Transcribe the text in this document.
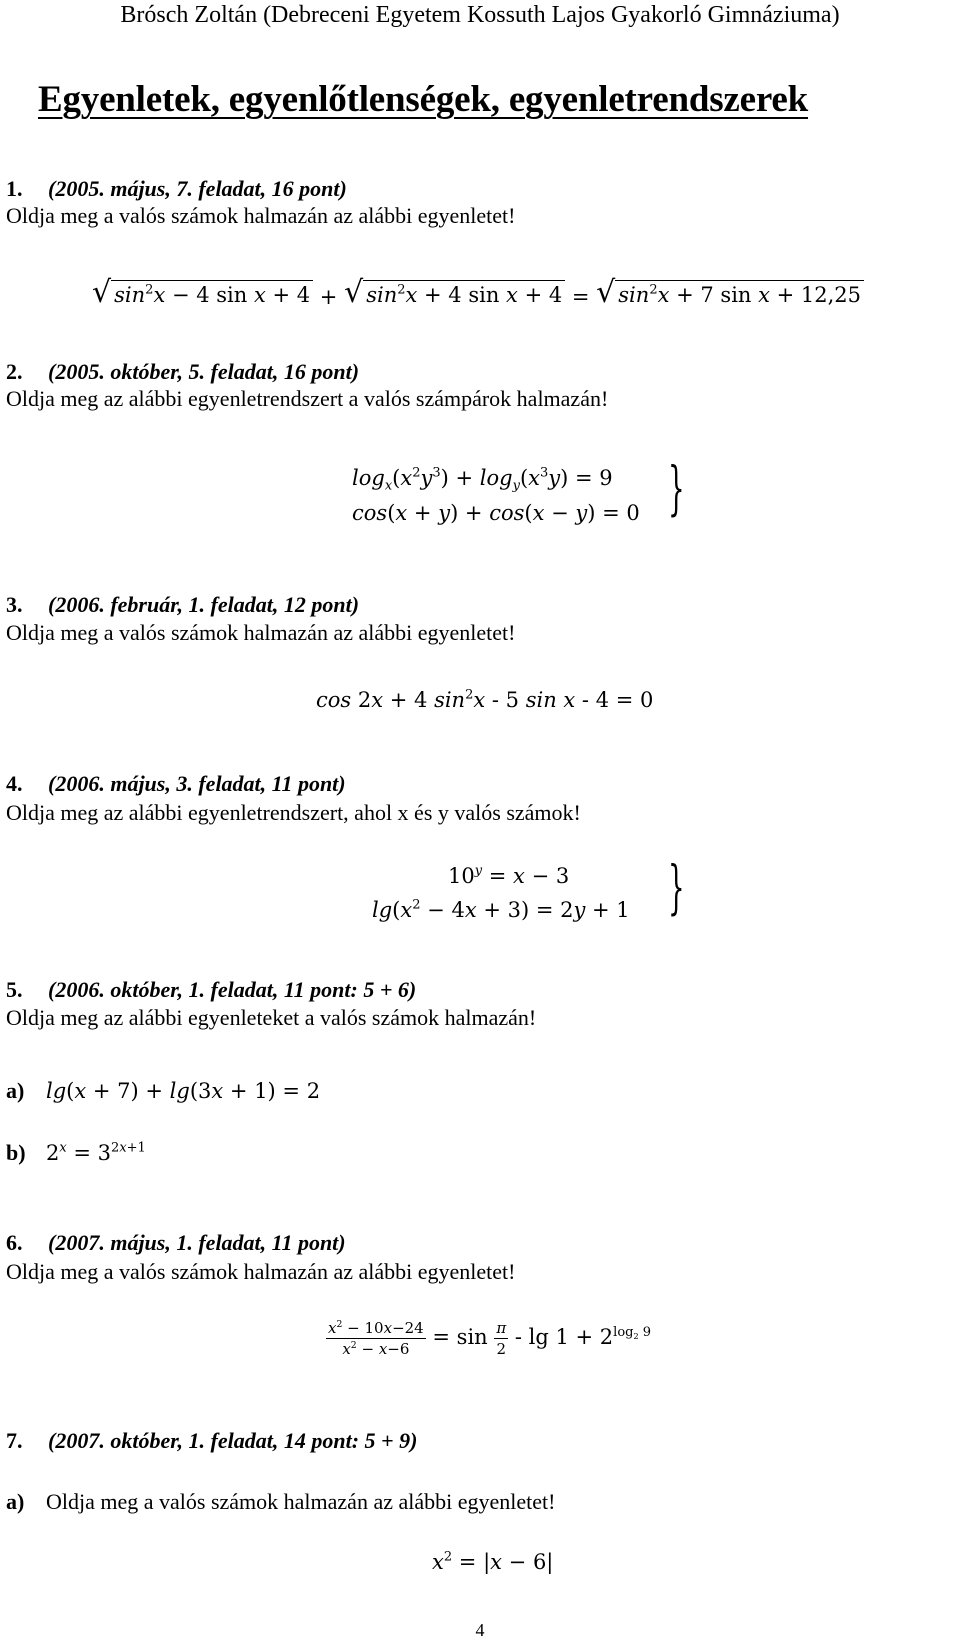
Brósch Zoltán (Debreceni Egyetem Kossuth Lajos Gyakorló Gimnáziuma)
Egyenletek, egyenlőtlenségek, egyenletrendszerek
1. (2005. május, 7. feladat, 16 pont)
Oldja meg a valós számok halmazán az alábbi egyenletet!
√ $\sin^2x - 4$ sin x + 4 + √ $\sin^2x + 4$ sin x + 4 = √ $\sin^2x + 7$ sin x + 12,25
2. (2005. október, 5. feladat, 16 pont)
Oldja meg az alábbi egyenletrendszert a valós számpárok halmazán!
$\log_x(x^2y^3) + \log_y(x^3y) = 9$
cos(x + y) + cos(x − y) = 0 }
3. (2006. február, 1. feladat, 12 pont)
Oldja meg a valós számok halmazán az alábbi egyenletet!
cos 2x + 4 $\sin^2x - 5$ sin x - 4 = 0
4. (2006. május, 3. feladat, 11 pont)
Oldja meg az alábbi egyenletrendszert, ahol x és y valós számok!
$10^y = x - 3$
$\lg(x^2 - 4x + 3) = 2y + 1$ }
5. (2006. október, 1. feladat, 11 pont: 5 + 6)
Oldja meg az alábbi egyenleteket a valós számok halmazán!
a) lg(x + 7) + lg(3x + 1) = 2
b) $2^x = 3^{2x+1}$
6. (2007. május, 1. feladat, 11 pont)
Oldja meg a valós számok halmazán az alábbi egyenletet!
$\frac{x^2 - 10x-24}{x^2 - x-6} = \sin \frac{\pi}{2} - \lg 1 + 2^{log_2 9}$
7. (2007. október, 1. feladat, 14 pont: 5 + 9)
a) Oldja meg a valós számok halmazán az alábbi egyenletet!
$x^2 = |x - 6|$
4
